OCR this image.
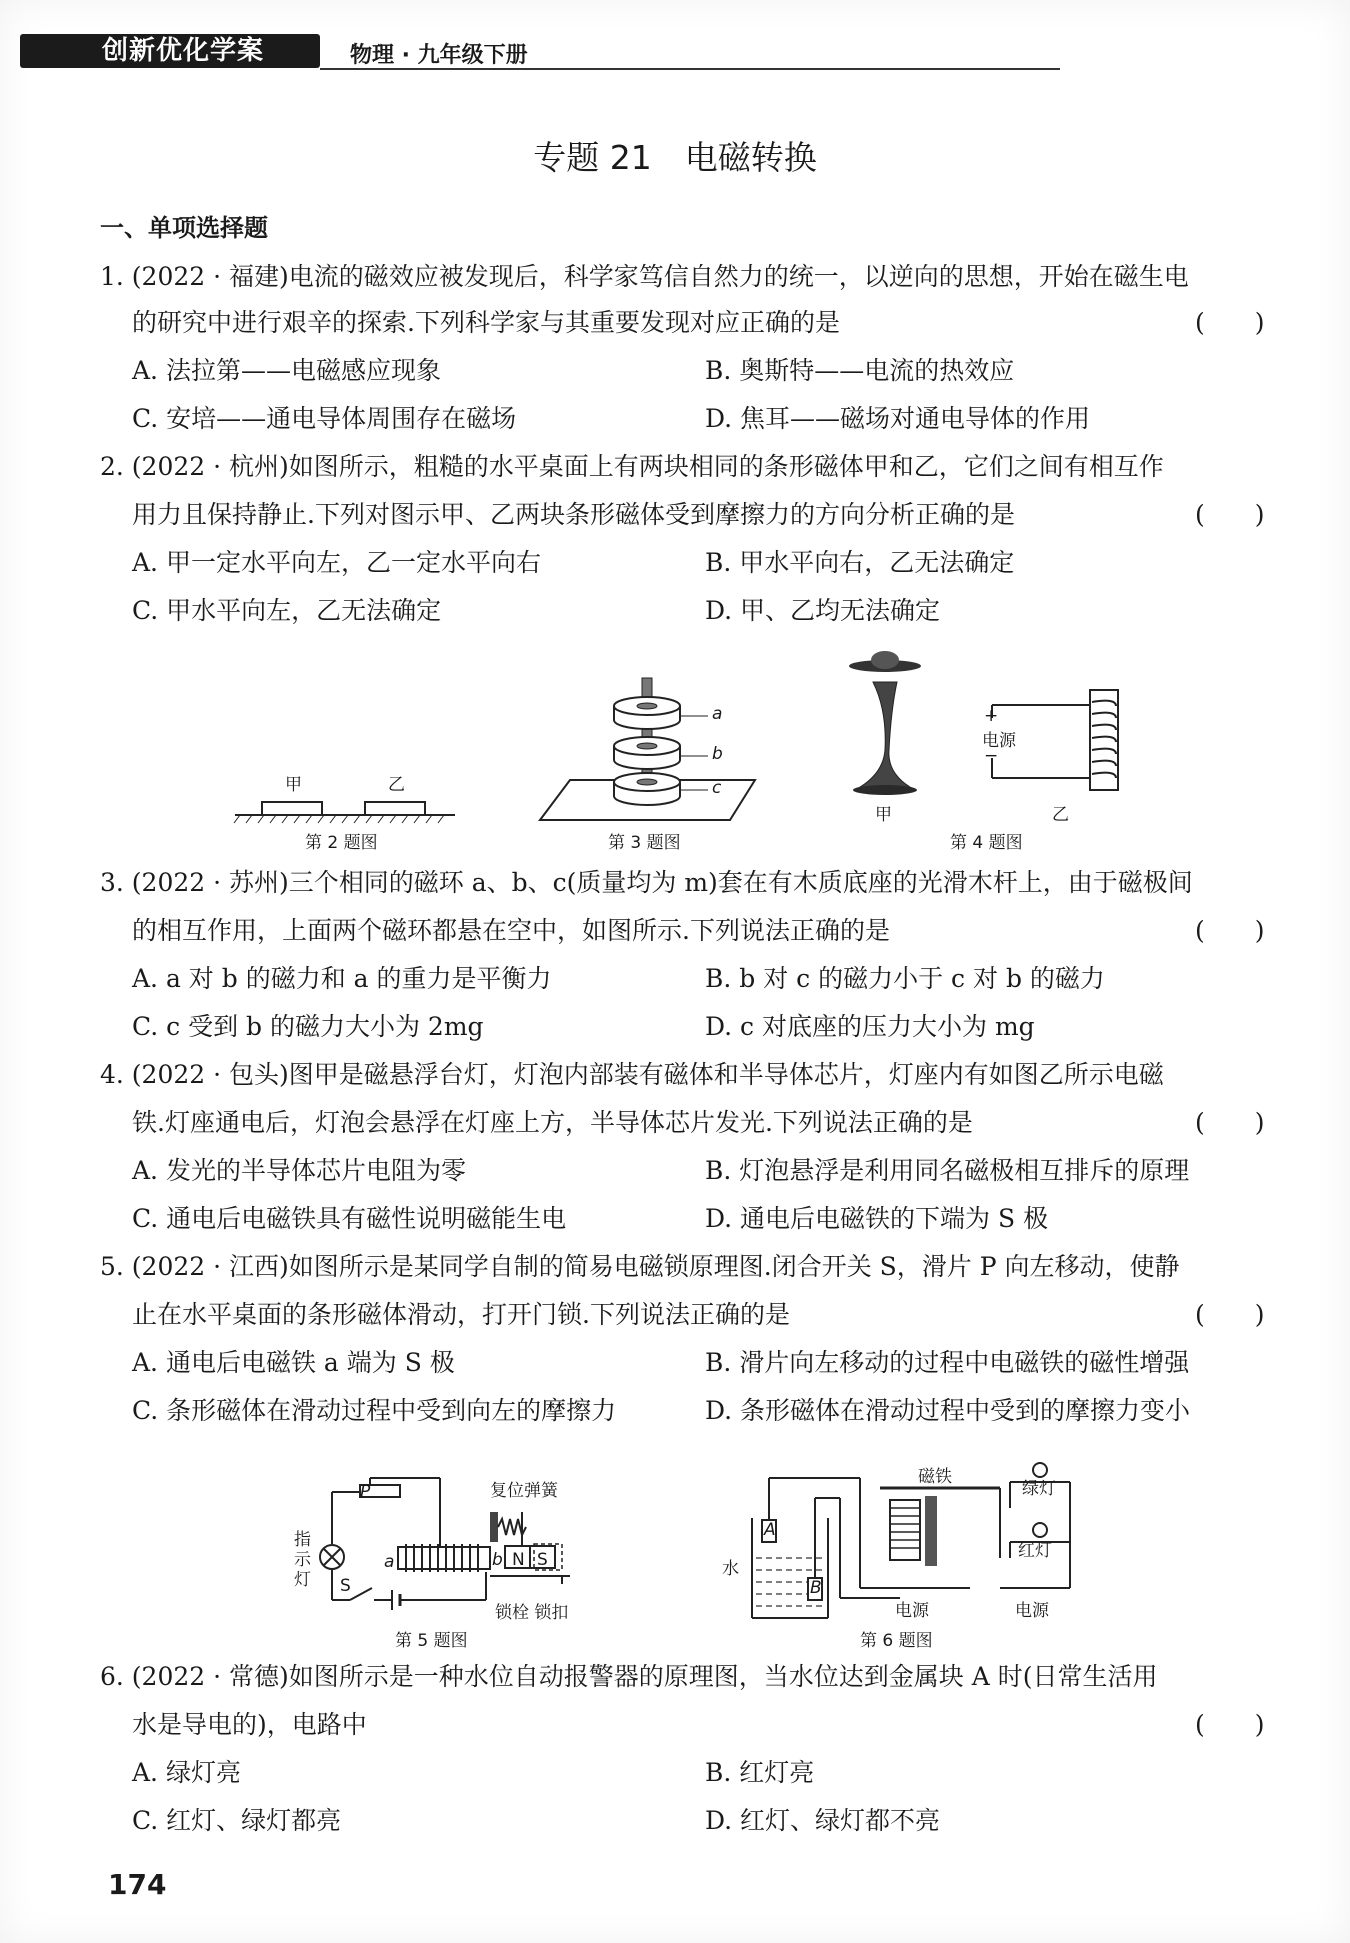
创新优化学案	物理 · 九年级下册
专题 21　电磁转换
一、单项选择题
1. (2022 · 福建)电流的磁效应被发现后，科学家笃信自然力的统一，以逆向的思想，开始在磁生电
的研究中进行艰辛的探索.下列科学家与其重要发现对应正确的是	(　　)
A. 法拉第——电磁感应现象	B. 奥斯特——电流的热效应
C. 安培——通电导体周围存在磁场	D. 焦耳——磁场对通电导体的作用
2. (2022 · 杭州)如图所示，粗糙的水平桌面上有两块相同的条形磁体甲和乙，它们之间有相互作
用力且保持静止.下列对图示甲、乙两块条形磁体受到摩擦力的方向分析正确的是	(　　)
A. 甲一定水平向左，乙一定水平向右	B. 甲水平向右，乙无法确定
C. 甲水平向左，乙无法确定	D. 甲、乙均无法确定
甲	乙
第 2 题图
a
b
c
第 3 题图
+
电源
−
甲	乙
第 4 题图
3. (2022 · 苏州)三个相同的磁环 a、b、c(质量均为 m)套在有木质底座的光滑木杆上，由于磁极间
的相互作用，上面两个磁环都悬在空中，如图所示.下列说法正确的是	(　　)
A. a 对 b 的磁力和 a 的重力是平衡力	B. b 对 c 的磁力小于 c 对 b 的磁力
C. c 受到 b 的磁力大小为 2mg	D. c 对底座的压力大小为 mg
4. (2022 · 包头)图甲是磁悬浮台灯，灯泡内部装有磁体和半导体芯片，灯座内有如图乙所示电磁
铁.灯座通电后，灯泡会悬浮在灯座上方，半导体芯片发光.下列说法正确的是	(　　)
A. 发光的半导体芯片电阻为零	B. 灯泡悬浮是利用同名磁极相互排斥的原理
C. 通电后电磁铁具有磁性说明磁能生电	D. 通电后电磁铁的下端为 S 极
5. (2022 · 江西)如图所示是某同学自制的简易电磁锁原理图.闭合开关 S，滑片 P 向左移动，使静
止在水平桌面的条形磁体滑动，打开门锁.下列说法正确的是	(　　)
A. 通电后电磁铁 a 端为 S 极	B. 滑片向左移动的过程中电磁铁的磁性增强
C. 条形磁体在滑动过程中受到向左的摩擦力	D. 条形磁体在滑动过程中受到的摩擦力变小
P	复位弹簧
指示灯 S
a	b N S
锁栓 锁扣
第 5 题图
磁铁
绿灯
红灯
水
A
B
电源	电源
第 6 题图
6. (2022 · 常德)如图所示是一种水位自动报警器的原理图，当水位达到金属块 A 时(日常生活用
水是导电的)，电路中	(　　)
A. 绿灯亮	B. 红灯亮
C. 红灯、绿灯都亮	D. 红灯、绿灯都不亮
174
